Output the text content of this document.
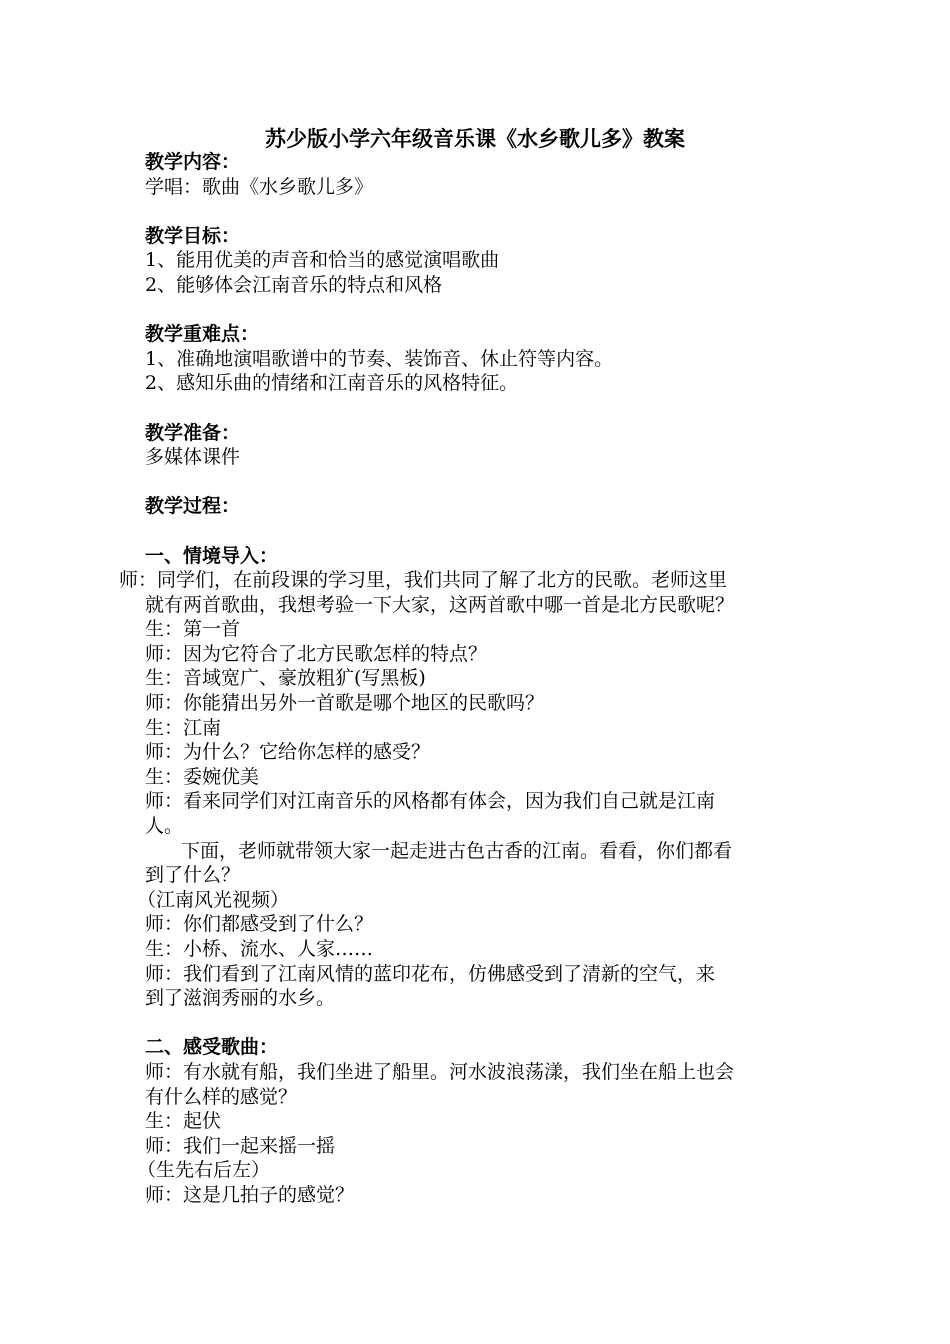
苏少版小学六年级音乐课《水乡歌儿多》教案
教学内容：
学唱：歌曲《水乡歌儿多》
教学目标：
1、能用优美的声音和恰当的感觉演唱歌曲
2、能够体会江南音乐的特点和风格
教学重难点：
1、准确地演唱歌谱中的节奏、装饰音、休止符等内容。
2、感知乐曲的情绪和江南音乐的风格特征。
教学准备：
多媒体课件
教学过程：
一、情境导入：
师：同学们，在前段课的学习里，我们共同了解了北方的民歌。老师这里
就有两首歌曲，我想考验一下大家，这两首歌中哪一首是北方民歌呢？
生：第一首
师：因为它符合了北方民歌怎样的特点？
生：音域宽广、豪放粗犷(写黑板)
师：你能猜出另外一首歌是哪个地区的民歌吗？
生：江南
师：为什么？它给你怎样的感受？
生：委婉优美
师：看来同学们对江南音乐的风格都有体会，因为我们自己就是江南
人。
下面，老师就带领大家一起走进古色古香的江南。看看，你们都看
到了什么？
（江南风光视频）
师：你们都感受到了什么？
生：小桥、流水、人家……
师：我们看到了江南风情的蓝印花布，仿佛感受到了清新的空气，来
到了滋润秀丽的水乡。
二、感受歌曲：
师：有水就有船，我们坐进了船里。河水波浪荡漾，我们坐在船上也会
有什么样的感觉？
生：起伏
师：我们一起来摇一摇
（生先右后左）
师：这是几拍子的感觉？
